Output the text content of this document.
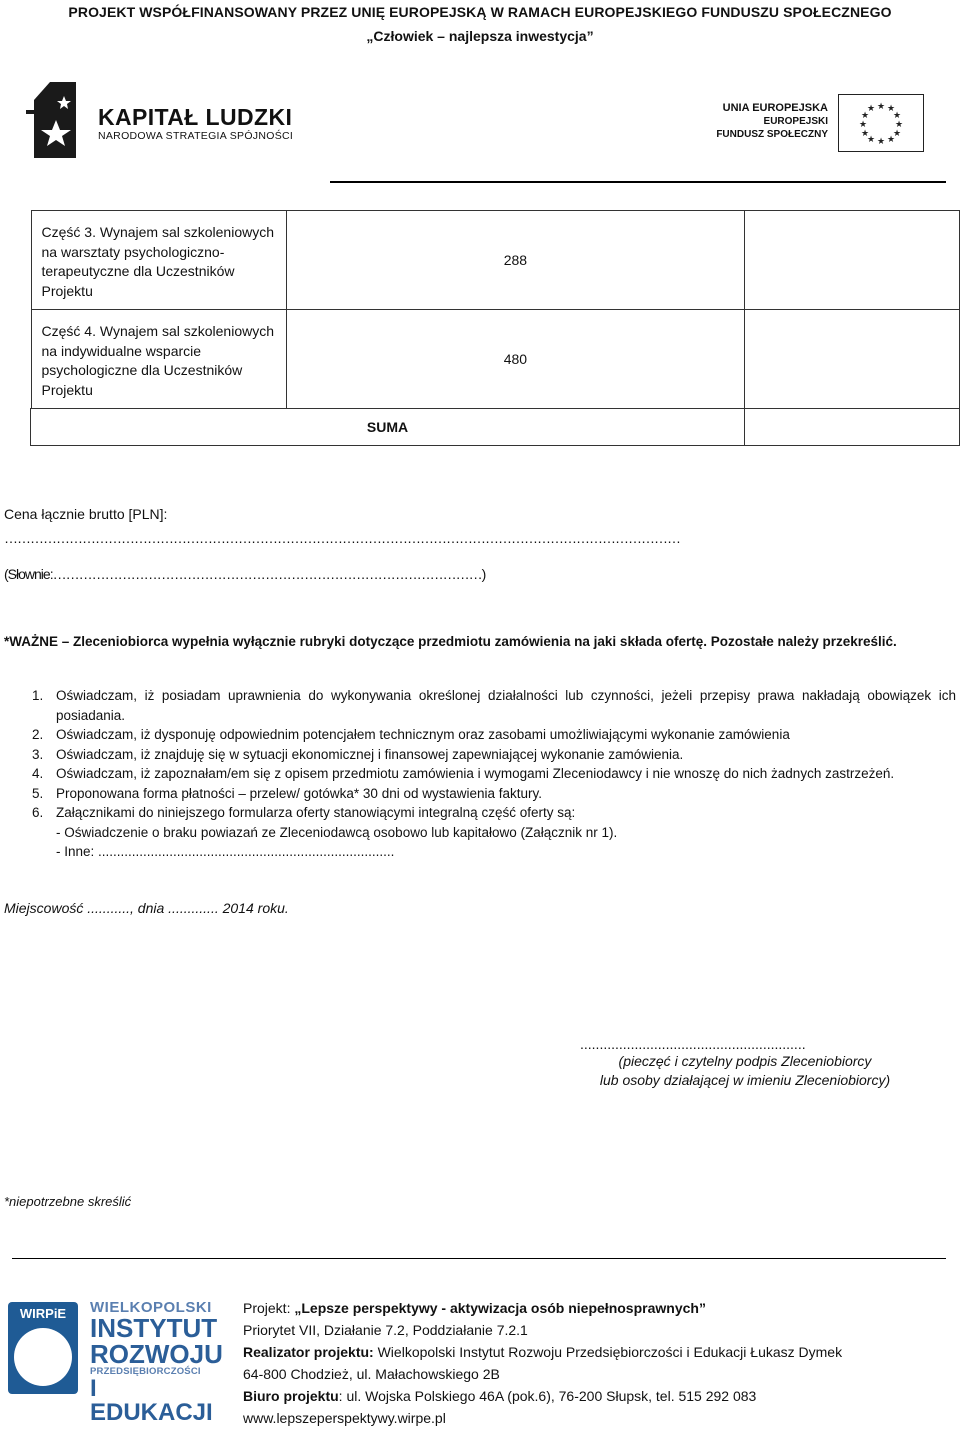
PROJEKT WSPÓŁFINANSOWANY PRZEZ UNIĘ EUROPEJSKĄ W RAMACH EUROPEJSKIEGO FUNDUSZU SPOŁECZNEGO
„Człowiek – najlepsza inwestycja”
KAPITAŁ LUDZKI
NARODOWA STRATEGIA SPÓJNOŚCI
UNIA EUROPEJSKA
EUROPEJSKI
FUNDUSZ SPOŁECZNY
★ ★
★
★
★
★
★
★
★
★
★
★
	Część 3. Wynajem sal szkoleniowych
na warsztaty psychologiczno-
terapeutyczne dla Uczestników
Projektu	288	
	Część 4. Wynajem sal szkoleniowych
na indywidualne wsparcie
psychologiczne dla Uczestników
Projektu	480	
SUMA		
Cena łącznie brutto [PLN]:
…………………………………………………………………………………………………………………………………………
(Słownie:………………………………………………………………………………………)
*WAŻNE – Zleceniobiorca wypełnia wyłącznie rubryki dotyczące przedmiotu zamówienia na jaki składa ofertę. Pozostałe należy przekreślić.
1. Oświadczam, iż posiadam uprawnienia do wykonywania określonej działalności lub czynności, jeżeli przepisy prawa nakładają obowiązek ich posiadania.
2. Oświadczam, iż dysponuję odpowiednim potencjałem technicznym oraz zasobami umożliwiającymi wykonanie zamówienia
3. Oświadczam, iż znajduję się w sytuacji ekonomicznej i finansowej zapewniającej wykonanie zamówienia.
4. Oświadczam, iż zapoznałam/em się z opisem przedmiotu zamówienia i wymogami Zleceniodawcy i nie wnoszę do nich żadnych zastrzeżeń.
5. Proponowana forma płatności – przelew/ gotówka* 30 dni od wystawienia faktury.
6. Załącznikami do niniejszego formularza oferty stanowiącymi integralną część oferty są:
- Oświadczenie o braku powiazań ze Zleceniodawcą osobowo lub kapitałowo (Załącznik nr 1).
- Inne: ...............................................................................
Miejscowość ..........., dnia ............. 2014 roku.
..........................................................
(pieczęć i czytelny podpis Zleceniobiorcy
lub osoby działającej w imieniu Zleceniobiorcy)
*niepotrzebne skreślić
WIRPiE	WIELKOPOLSKI
INSTYTUT
ROZWOJU
PRZEDSIĘBIORCZOŚCI
I EDUKACJI
Projekt: „Lepsze perspektywy - aktywizacja osób niepełnosprawnych”
Priorytet VII, Działanie 7.2, Poddziałanie 7.2.1
Realizator projektu: Wielkopolski Instytut Rozwoju Przedsiębiorczości i Edukacji Łukasz Dymek
64-800 Chodzież, ul. Małachowskiego 2B
Biuro projektu: ul. Wojska Polskiego 46A (pok.6), 76-200 Słupsk, tel. 515 292 083
www.lepszeperspektywy.wirpe.pl
